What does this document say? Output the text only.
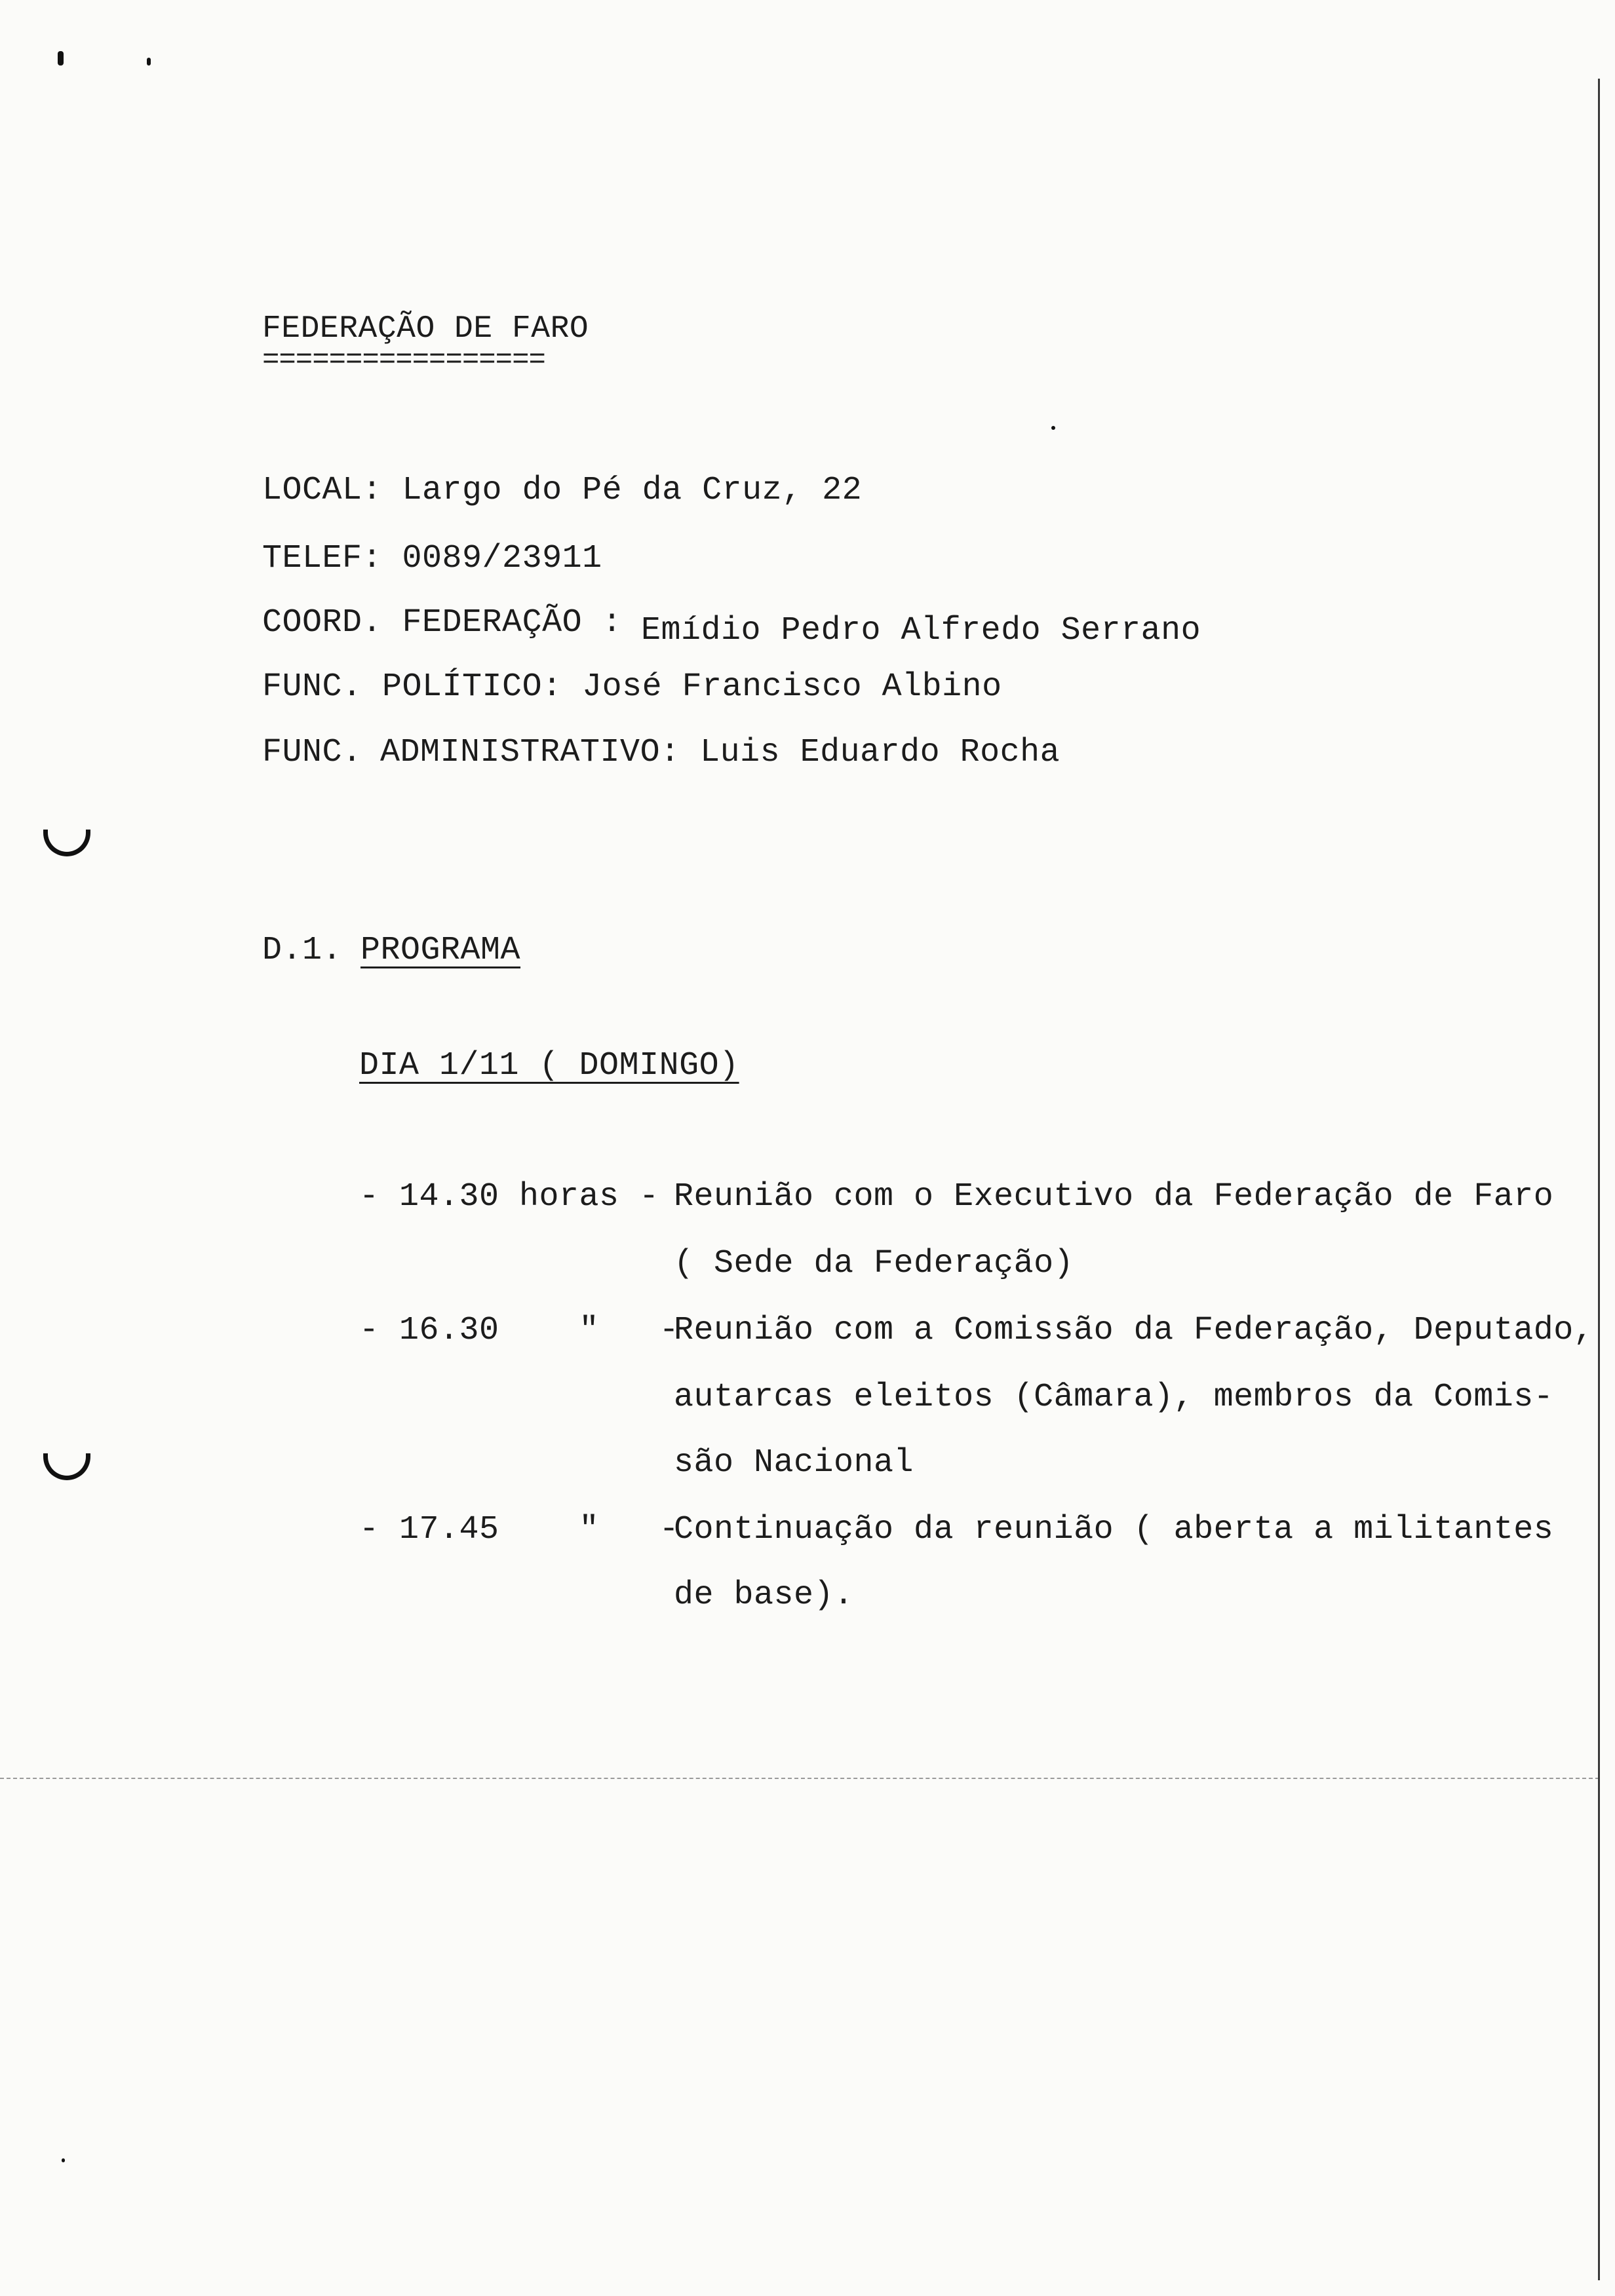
FEDERAÇÃO DE FARO
=================
LOCAL: Largo do Pé da Cruz, 22
TELEF: 0089/23911
COORD. FEDERAÇÃO : Emídio Pedro Alfredo Serrano
FUNC. POLÍTICO: José Francisco Albino
FUNC. ADMINISTRATIVO: Luis Eduardo Rocha
D.1. PROGRAMA
DIA 1/11 ( DOMINGO)
- 14.30 horas - Reunião com o Executivo da Federação de Faro
( Sede da Federação)
- 16.30    "   -
Reunião com a Comissão da Federação, Deputado,
autarcas eleitos (Câmara), membros da Comis-
são Nacional
- 17.45    "   -
Continuação da reunião ( aberta a militantes
de base).
